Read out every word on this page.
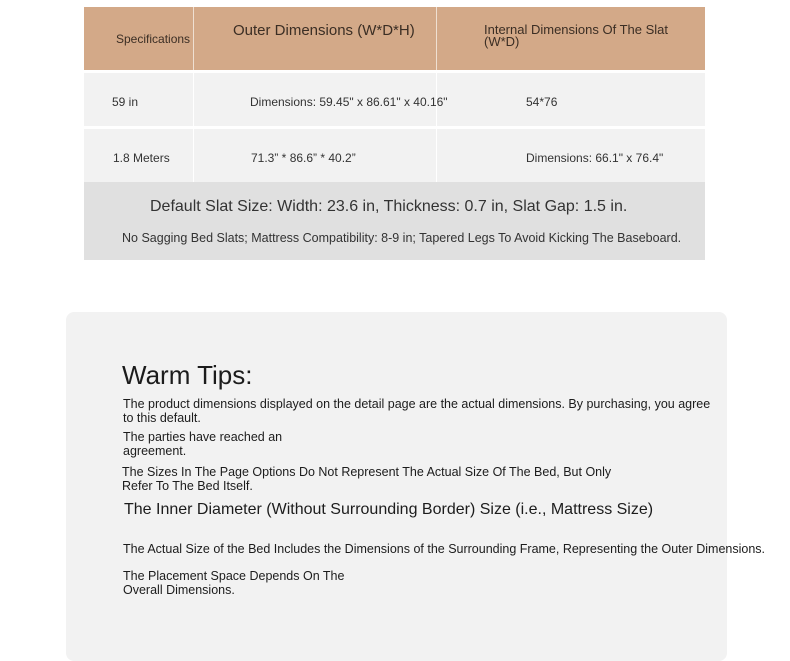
Specifications	Outer Dimensions (W*D*H)	Internal Dimensions Of The Slat (W*D)
59 in	Dimensions: 59.45" x 86.61" x 40.16"	54*76
1.8 Meters	71.3” * 86.6” * 40.2”	Dimensions: 66.1" x 76.4"
Default Slat Size: Width: 23.6 in, Thickness: 0.7 in, Slat Gap: 1.5 in.
No Sagging Bed Slats; Mattress Compatibility: 8-9 in; Tapered Legs To Avoid Kicking The Baseboard.
Warm Tips:
The product dimensions displayed on the detail page are the actual dimensions. By purchasing, you agree to this default.
The parties have reached an agreement.
The Sizes In The Page Options Do Not Represent The Actual Size Of The Bed, But Only Refer To The Bed Itself.
The Inner Diameter (Without Surrounding Border) Size (i.e., Mattress Size)
The Actual Size of the Bed Includes the Dimensions of the Surrounding Frame, Representing the Outer Dimensions.
The Placement Space Depends On The Overall Dimensions.
